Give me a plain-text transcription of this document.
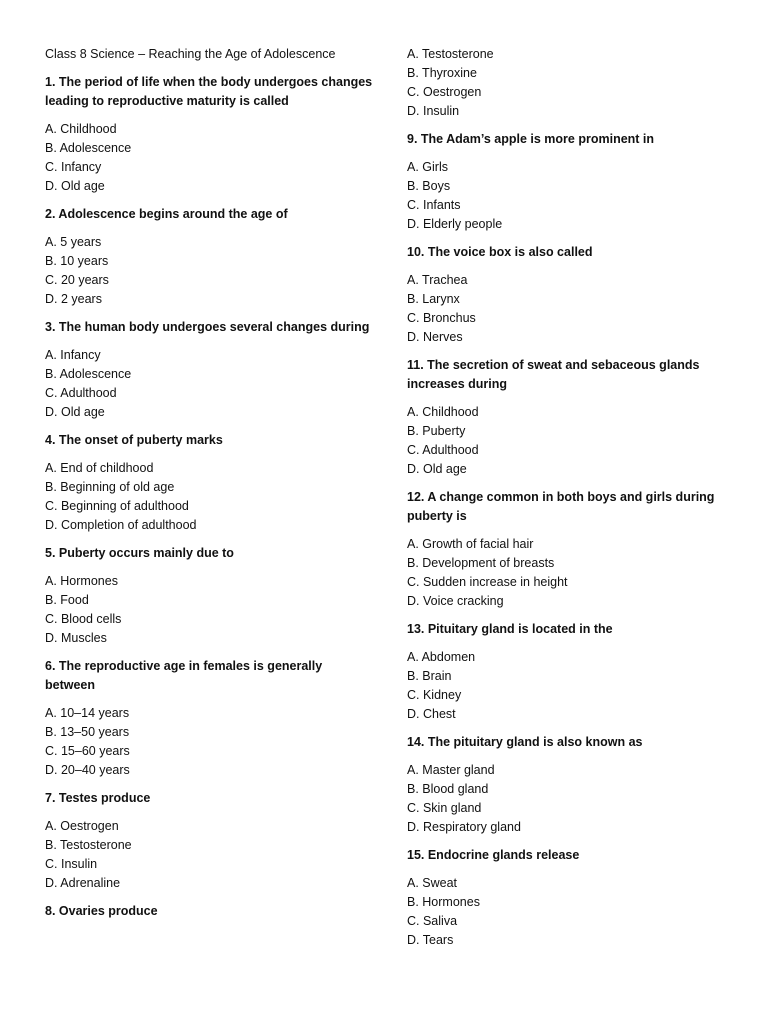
Class 8 Science – Reaching the Age of Adolescence
1. The period of life when the body undergoes changes leading to reproductive maturity is called
A. Childhood
B. Adolescence
C. Infancy
D. Old age
2. Adolescence begins around the age of
A. 5 years
B. 10 years
C. 20 years
D. 2 years
3. The human body undergoes several changes during
A. Infancy
B. Adolescence
C. Adulthood
D. Old age
4. The onset of puberty marks
A. End of childhood
B. Beginning of old age
C. Beginning of adulthood
D. Completion of adulthood
5. Puberty occurs mainly due to
A. Hormones
B. Food
C. Blood cells
D. Muscles
6. The reproductive age in females is generally between
A. 10–14 years
B. 13–50 years
C. 15–60 years
D. 20–40 years
7. Testes produce
A. Oestrogen
B. Testosterone
C. Insulin
D. Adrenaline
8. Ovaries produce
A. Testosterone
B. Thyroxine
C. Oestrogen
D. Insulin
9. The Adam’s apple is more prominent in
A. Girls
B. Boys
C. Infants
D. Elderly people
10. The voice box is also called
A. Trachea
B. Larynx
C. Bronchus
D. Nerves
11. The secretion of sweat and sebaceous glands increases during
A. Childhood
B. Puberty
C. Adulthood
D. Old age
12. A change common in both boys and girls during puberty is
A. Growth of facial hair
B. Development of breasts
C. Sudden increase in height
D. Voice cracking
13. Pituitary gland is located in the
A. Abdomen
B. Brain
C. Kidney
D. Chest
14. The pituitary gland is also known as
A. Master gland
B. Blood gland
C. Skin gland
D. Respiratory gland
15. Endocrine glands release
A. Sweat
B. Hormones
C. Saliva
D. Tears
